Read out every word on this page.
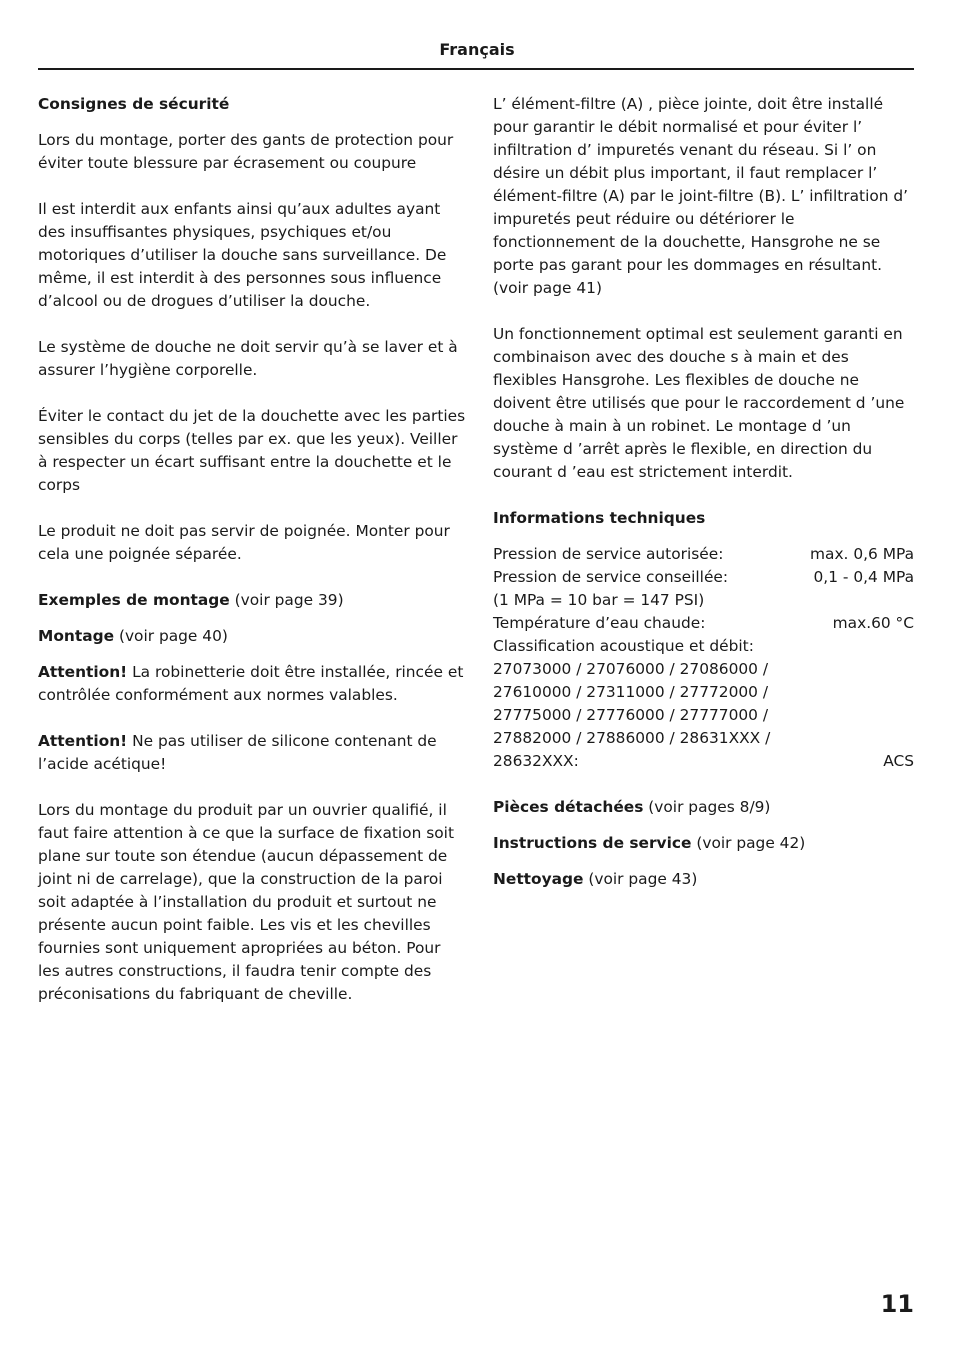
Français

Consignes de sécurité

Lors du montage, porter des gants de protection pour éviter toute blessure par écrasement ou coupure

Il est interdit aux enfants ainsi qu’aux adultes ayant des insuffisantes physiques, psychiques et/ou motoriques d’utiliser la douche sans surveillance. De même, il est interdit à des personnes sous influence d’alcool ou de drogues d’utiliser la douche.

Le système de douche ne doit servir qu’à se laver et à assurer l’hygiène corporelle.

Éviter le contact du jet de la douchette avec les parties sensibles du corps (telles par ex. que les yeux). Veiller à respecter un écart suffisant entre la douchette et le corps

Le produit ne doit pas servir de poignée. Monter pour cela une poignée séparée.

Exemples de montage (voir page 39)

Montage (voir page 40)

Attention! La robinetterie doit être installée, rincée et contrôlée conformément aux normes valables.

Attention! Ne pas utiliser de silicone contenant de l’acide acétique!

Lors du montage du produit par un ouvrier qualifié, il faut faire attention à ce que la surface de fixation soit plane sur toute son étendue (aucun dépassement de joint ni de carrelage), que la construction de la paroi soit adaptée à l’installation du produit et surtout ne présente aucun point faible. Les vis et les chevilles fournies sont uniquement apropriées au béton. Pour les autres constructions, il faudra tenir compte des préconisations du fabriquant de cheville.

L’ élément-filtre (A) , pièce jointe, doit être installé pour garantir le débit normalisé et pour éviter l’ infiltration d’ impuretés venant du réseau. Si l’ on désire un débit plus important, il faut remplacer l’ élément-filtre (A) par le joint-filtre (B). L’ infiltration d’ impuretés peut réduire ou détériorer le fonctionnement de la douchette, Hansgrohe ne se porte pas garant pour les dommages en résultant. (voir page 41)

Un fonctionnement optimal est seulement garanti en combinaison avec des douche s à main et des flexibles Hansgrohe. Les flexibles de douche ne doivent être utilisés que pour le raccordement d ’une douche à main à un robinet. Le montage d ’un système d ’arrêt après le flexible, en direction du courant d ’eau est strictement interdit.

Informations techniques

Pression de service autorisée:	max. 0,6 MPa
Pression de service conseillée:	0,1 - 0,4 MPa
(1 MPa = 10 bar = 147 PSI)
Température d’eau chaude:	max.60 °C
Classification acoustique et débit:
27073000 / 27076000 / 27086000 /
27610000 / 27311000 / 27772000 /
27775000 / 27776000 / 27777000 /
27882000 / 27886000 / 28631XXX /
28632XXX:	ACS

Pièces détachées (voir pages 8/9)

Instructions de service (voir page 42)

Nettoyage (voir page 43)

11
